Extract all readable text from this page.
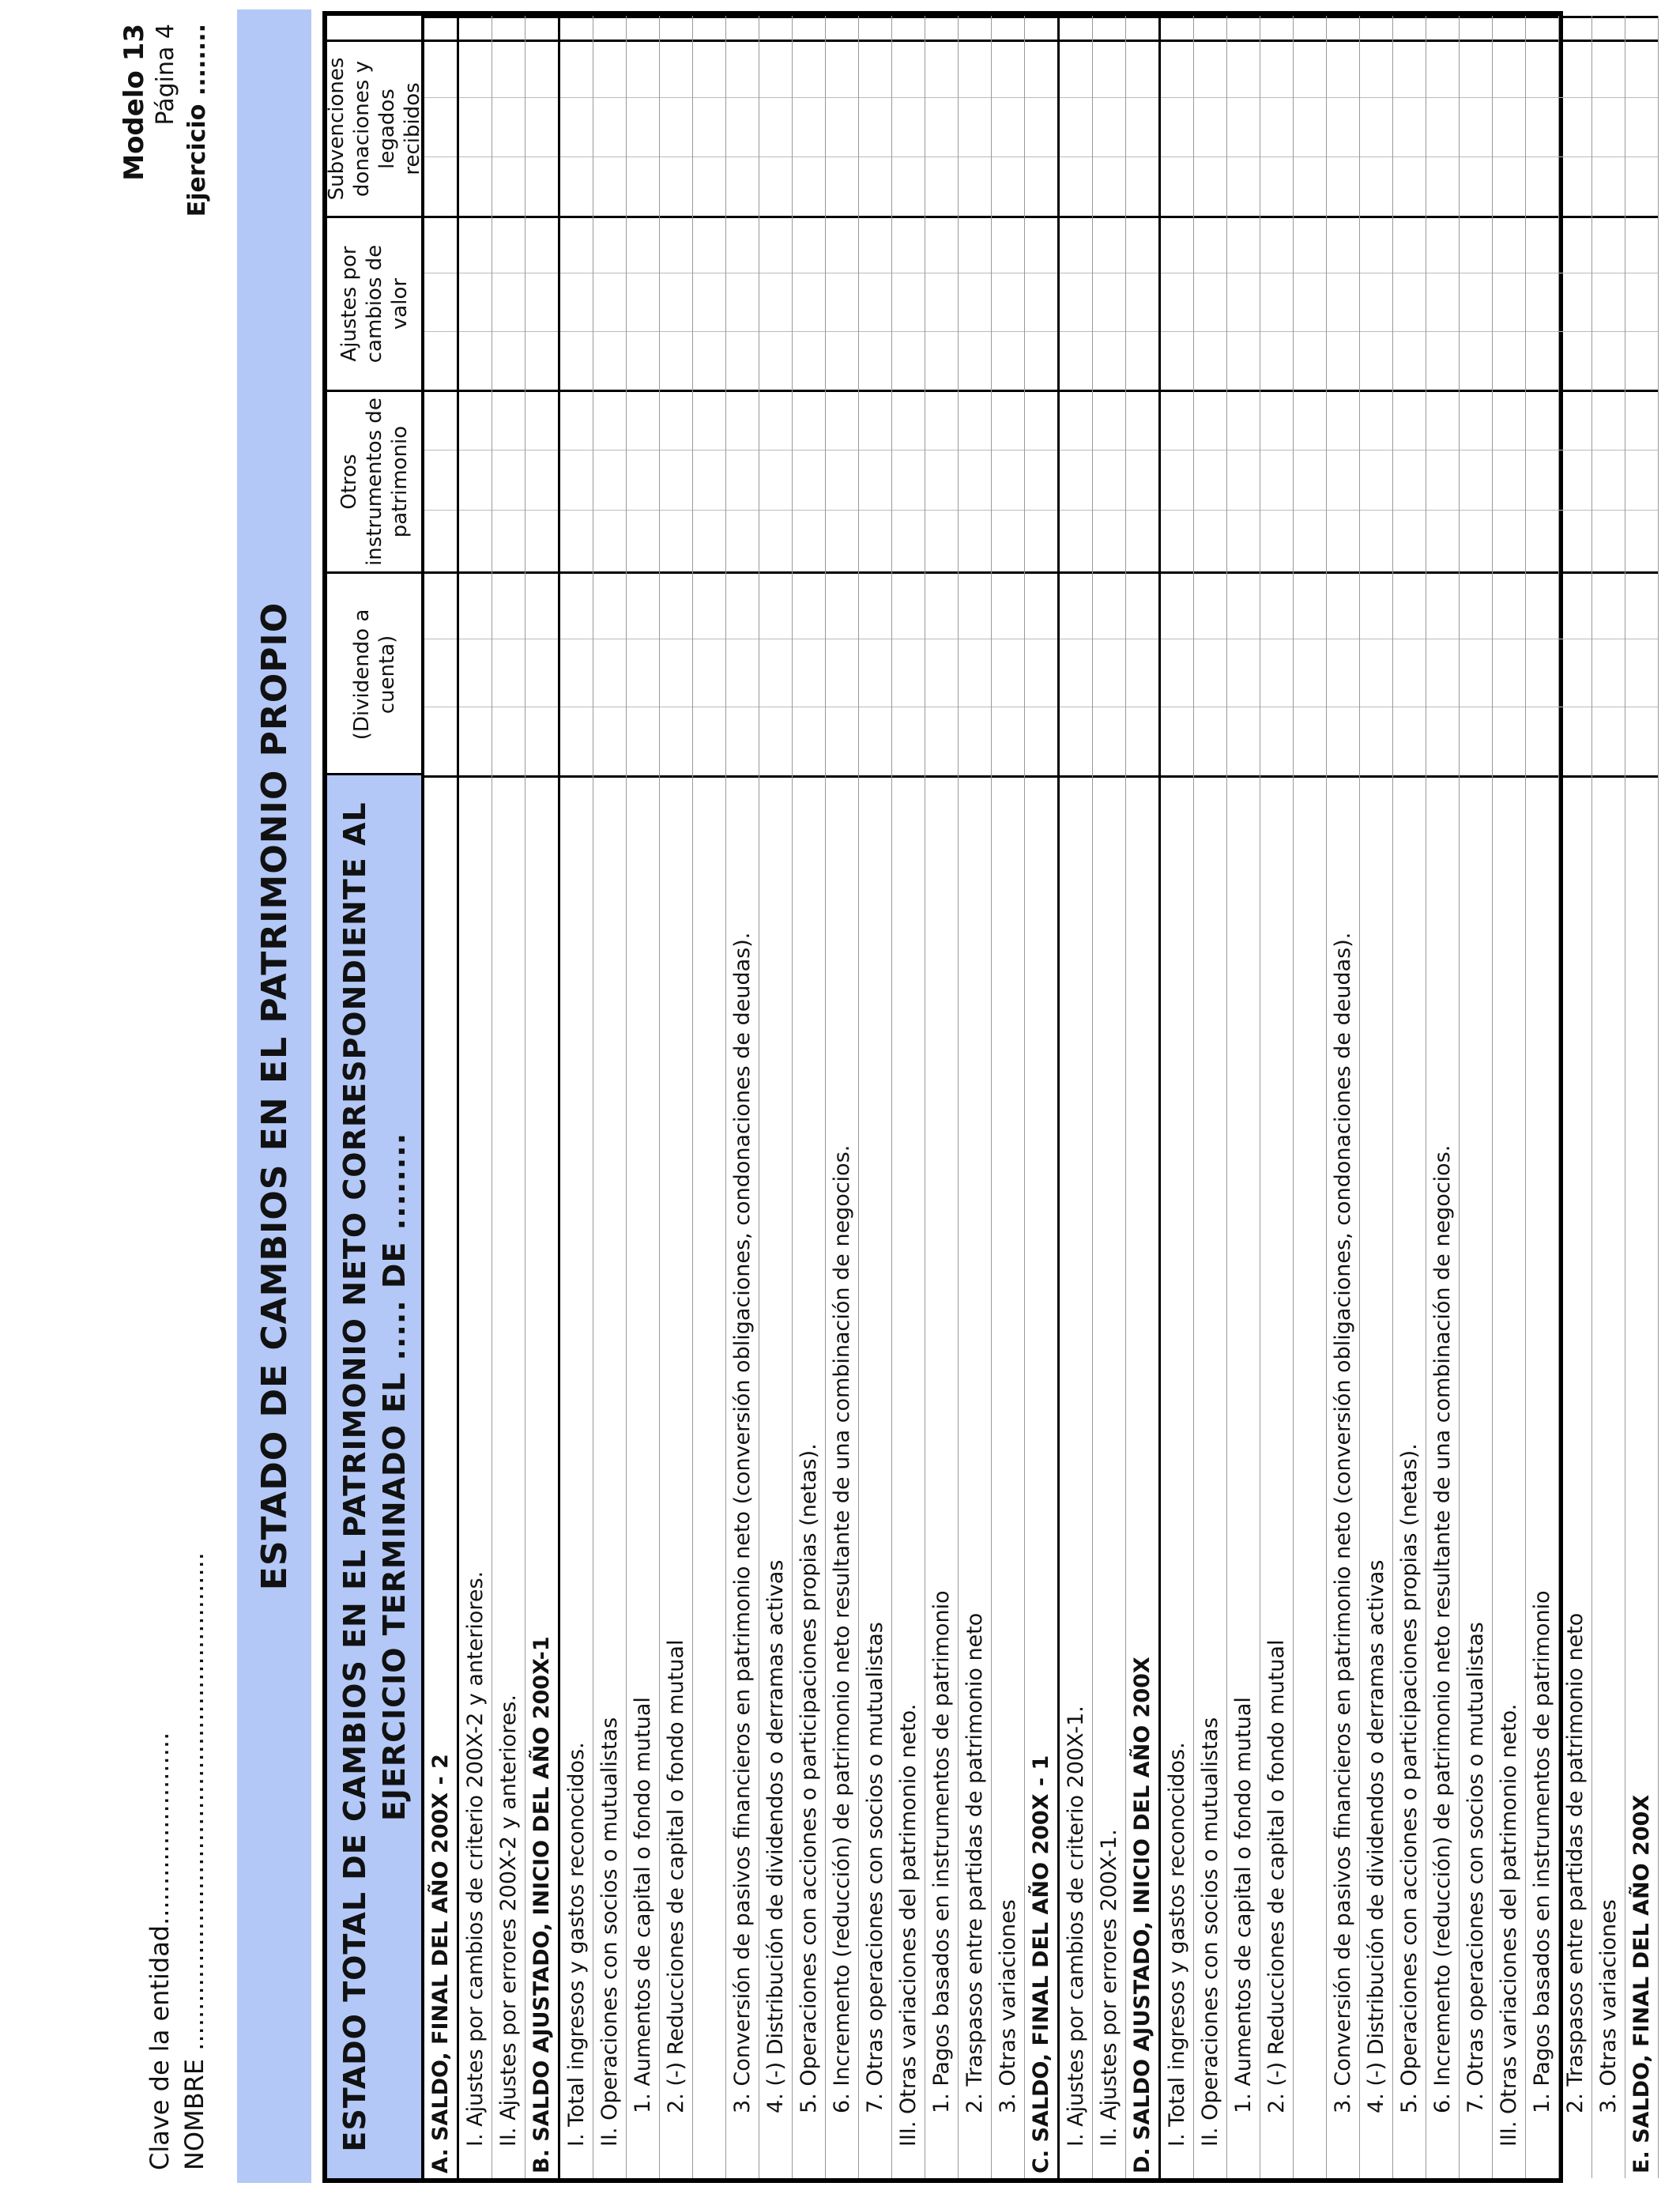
Clave de la entidad........................ NOMBRE ..............................................................
Modelo 13 Página 4 Ejercicio ........
ESTADO DE CAMBIOS EN EL PATRIMONIO PROPIO	ESTADO TOTAL DE CAMBIOS EN EL PATRIMONIO NETO CORRESPONDIENTE AL EJERCICIO TERMINADO EL ..... DE ........
(Dividendo a cuenta)
Otros instrumentos de patrimonio
Ajustes por cambios de valor
Subvenciones donaciones y legados recibidos
A. SALDO, FINAL DEL AÑO 200X - 2 I. Ajustes por cambios de criterio 200X-2 y anteriores. II. Ajustes por errores 200X-2 y anteriores. B. SALDO AJUSTADO, INICIO DEL AÑO 200X-1 I. Total ingresos y gastos reconocidos. II. Operaciones con socios o mutualistas 1. Aumentos de capital o fondo mutual 2. (-) Reducciones de capital o fondo mutual 3. Conversión de pasivos financieros en patrimonio neto (conversión obligaciones, condonaciones de deudas). 4. (-) Distribución de dividendos o derramas activas 5. Operaciones con acciones o participaciones propias (netas). 6. Incremento (reducción) de patrimonio neto resultante de una combinación de negocios. 7. Otras operaciones con socios o mutualistas III. Otras variaciones del patrimonio neto. 1. Pagos basados en instrumentos de patrimonio 2. Traspasos entre partidas de patrimonio neto 3. Otras variaciones C. SALDO, FINAL DEL AÑO 200X - 1 I. Ajustes por cambios de criterio 200X-1. II. Ajustes por errores 200X-1. D. SALDO AJUSTADO, INICIO DEL AÑO 200X I. Total ingresos y gastos reconocidos. II. Operaciones con socios o mutualistas 1. Aumentos de capital o fondo mutual 2. (-) Reducciones de capital o fondo mutual 3. Conversión de pasivos financieros en patrimonio neto (conversión obligaciones, condonaciones de deudas). 4. (-) Distribución de dividendos o derramas activas 5. Operaciones con acciones o participaciones propias (netas). 6. Incremento (reducción) de patrimonio neto resultante de una combinación de negocios. 7. Otras operaciones con socios o mutualistas III. Otras variaciones del patrimonio neto. 1. Pagos basados en instrumentos de patrimonio 2. Traspasos entre partidas de patrimonio neto 3. Otras variaciones E. SALDO, FINAL DEL AÑO 200X
